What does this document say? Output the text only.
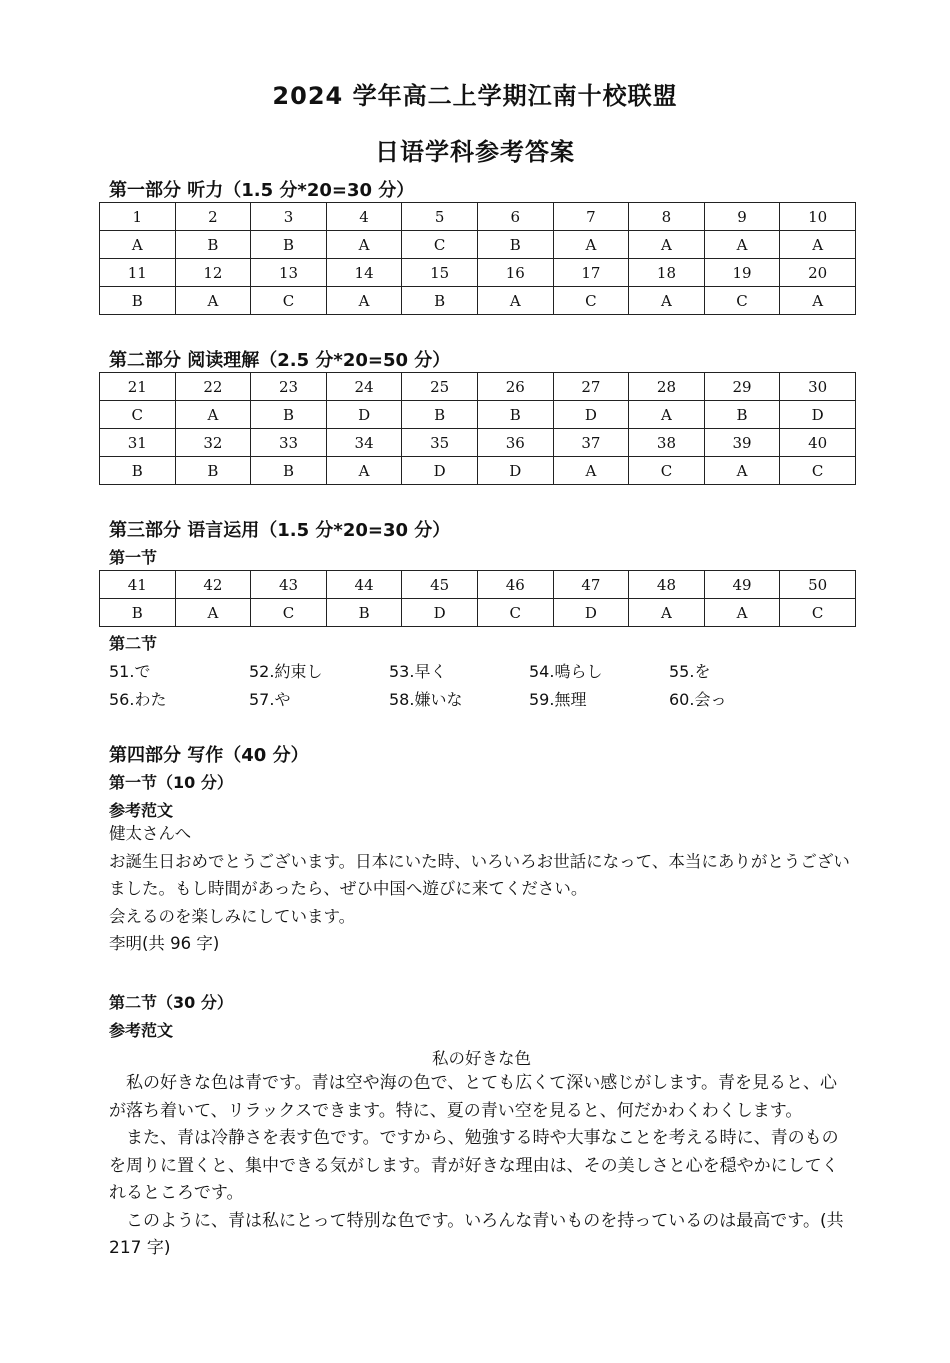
2024 学年高二上学期江南十校联盟
日语学科参考答案
第一部分 听力（1.5 分*20=30 分）
1	2	3	4	5	6	7	8	9	10
A	B	B	A	C	B	A	A	A	A
11	12	13	14	15	16	17	18	19	20
B	A	C	A	B	A	C	A	C	A
第二部分 阅读理解（2.5 分*20=50 分）
21	22	23	24	25	26	27	28	29	30
C	A	B	D	B	B	D	A	B	D
31	32	33	34	35	36	37	38	39	40
B	B	B	A	D	D	A	C	A	C
第三部分 语言运用（1.5 分*20=30 分）
第一节
41	42	43	44	45	46	47	48	49	50
B	A	C	B	D	C	D	A	A	C
第二节
51.で	52.約束し	53.早く	54.鳴らし	55.を
56.わた	57.や	58.嫌いな	59.無理	60.会っ
第四部分 写作（40 分）
第一节（10 分）
参考范文
健太さんへ
お誕生日おめでとうございます。日本にいた時、いろいろお世話になって、本当にありがとうございました。もし時間があったら、ぜひ中国へ遊びに来てください。
会えるのを楽しみにしています。
李明(共 96 字)
第二节（30 分）
参考范文
私の好きな色

私の好きな色は青です。青は空や海の色で、とても広くて深い感じがします。青を見ると、心が落ち着いて、リラックスできます。特に、夏の青い空を見ると、何だかわくわくします。

また、青は冷静さを表す色です。ですから、勉強する時や大事なことを考える時に、青のものを周りに置くと、集中できる気がします。青が好きな理由は、その美しさと心を穏やかにしてくれるところです。

このように、青は私にとって特別な色です。いろんな青いものを持っているのは最高です。(共 217 字)
